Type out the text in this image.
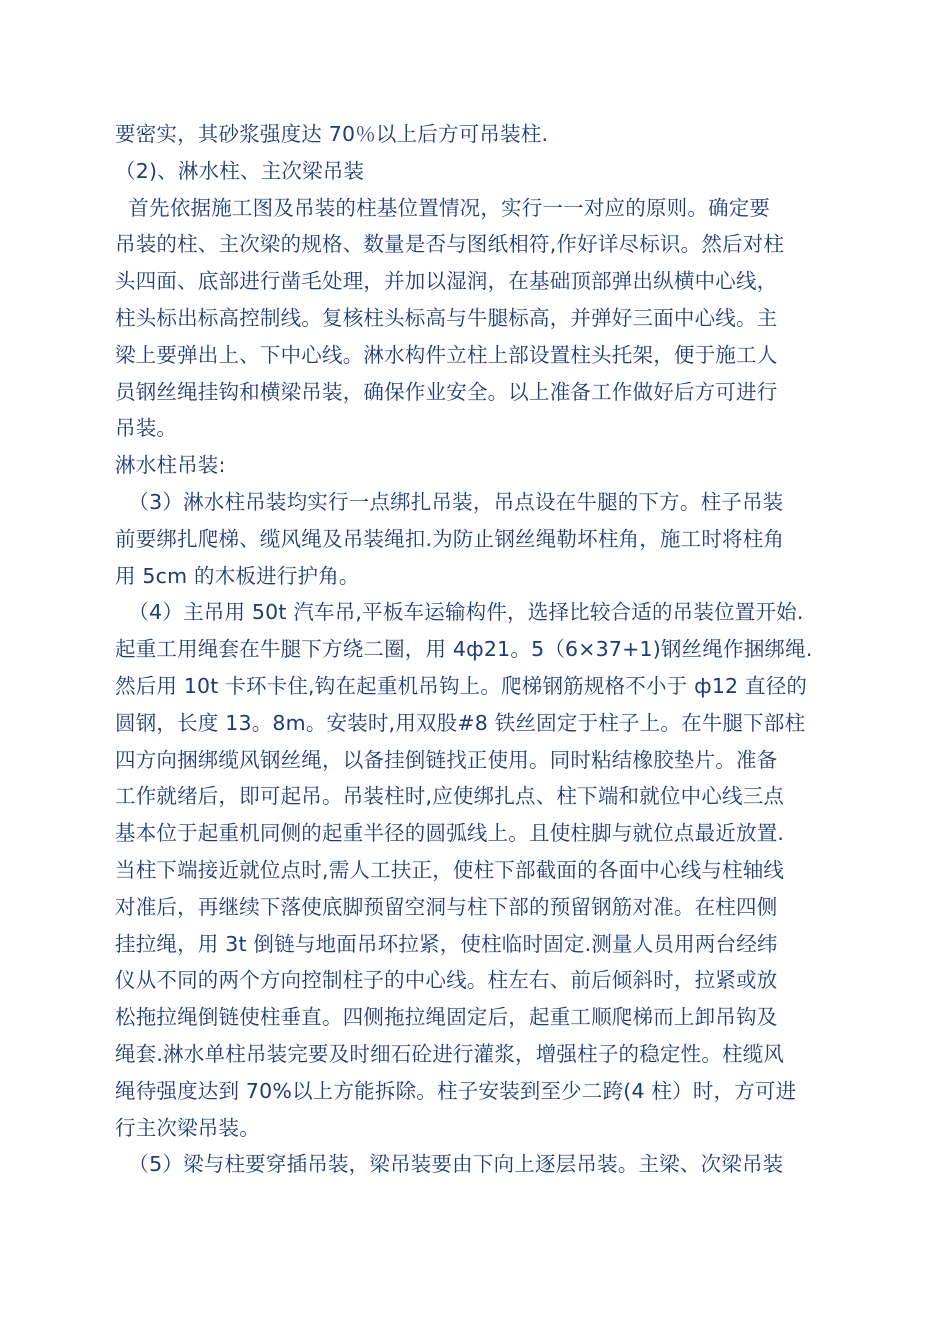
要密实，其砂浆强度达 70％以上后方可吊装柱.
（2)、淋水柱、主次梁吊装
首先依据施工图及吊装的柱基位置情况，实行一一对应的原则。确定要
吊装的柱、主次梁的规格、数量是否与图纸相符,作好详尽标识。然后对柱
头四面、底部进行凿毛处理，并加以湿润，在基础顶部弹出纵横中心线，
柱头标出标高控制线。复核柱头标高与牛腿标高，并弹好三面中心线。主
梁上要弹出上、下中心线。淋水构件立柱上部设置柱头托架，便于施工人
员钢丝绳挂钩和横梁吊装，确保作业安全。以上准备工作做好后方可进行
吊装。
淋水柱吊装:
（3）淋水柱吊装均实行一点绑扎吊装，吊点设在牛腿的下方。柱子吊装
前要绑扎爬梯、缆风绳及吊装绳扣.为防止钢丝绳勒坏柱角，施工时将柱角
用 5cm 的木板进行护角。
（4）主吊用 50t 汽车吊,平板车运输构件，选择比较合适的吊装位置开始.
起重工用绳套在牛腿下方绕二圈，用 4ф21。5（6×37+1)钢丝绳作捆绑绳.
然后用 10t 卡环卡住,钩在起重机吊钩上。爬梯钢筋规格不小于 ф12 直径的
圆钢，长度 13。8m。安装时,用双股#8 铁丝固定于柱子上。在牛腿下部柱
四方向捆绑缆风钢丝绳，以备挂倒链找正使用。同时粘结橡胶垫片。准备
工作就绪后，即可起吊。吊装柱时,应使绑扎点、柱下端和就位中心线三点
基本位于起重机同侧的起重半径的圆弧线上。且使柱脚与就位点最近放置.
当柱下端接近就位点时,需人工扶正，使柱下部截面的各面中心线与柱轴线
对准后，再继续下落使底脚预留空洞与柱下部的预留钢筋对准。在柱四侧
挂拉绳，用 3t 倒链与地面吊环拉紧，使柱临时固定.测量人员用两台经纬
仪从不同的两个方向控制柱子的中心线。柱左右、前后倾斜时，拉紧或放
松拖拉绳倒链使柱垂直。四侧拖拉绳固定后，起重工顺爬梯而上卸吊钩及
绳套.淋水单柱吊装完要及时细石砼进行灌浆，增强柱子的稳定性。柱缆风
绳待强度达到 70%以上方能拆除。柱子安装到至少二跨(4 柱）时，方可进
行主次梁吊装。
（5）梁与柱要穿插吊装，梁吊装要由下向上逐层吊装。主梁、次梁吊装
